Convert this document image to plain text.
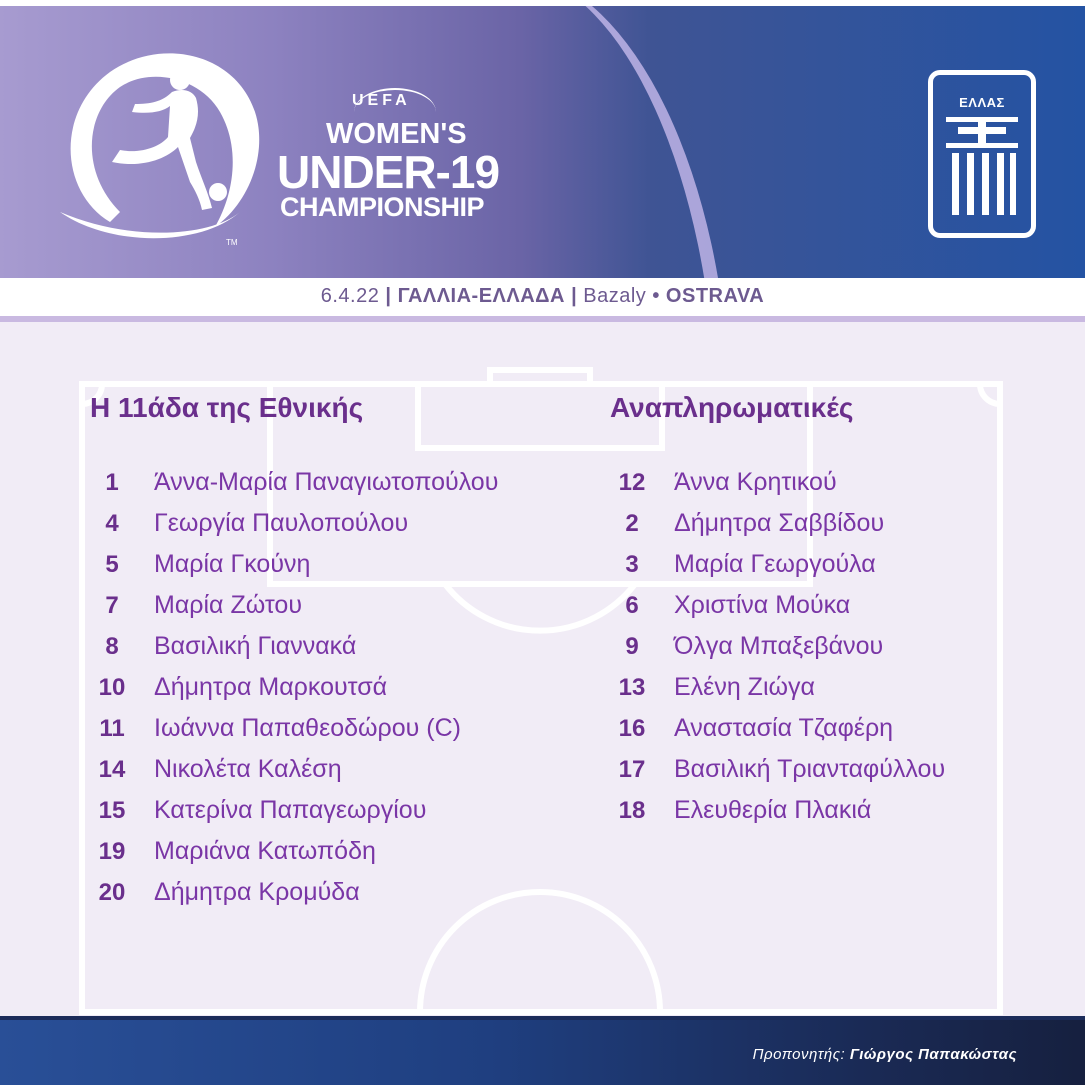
UEFA
WOMEN'S
UNDER-19
CHAMPIONSHIP
TM
ΕΛΛΑΣ
6.4.22 | ΓΑΛΛΙΑ-ΕΛΛΑΔΑ | Bazaly • OSTRAVA
Η 11άδα της Εθνικής
1	Άννα-Μαρία Παναγιωτοπούλου
4	Γεωργία Παυλοπούλου
5	Μαρία Γκούνη
7	Μαρία Ζώτου
8	Βασιλική Γιαννακά
10	Δήμητρα Μαρκουτσά
11	Ιωάννα Παπαθεοδώρου (C)
14	Νικολέτα Καλέση
15	Κατερίνα Παπαγεωργίου
19	Μαριάνα Κατωπόδη
20	Δήμητρα Κρομύδα
Αναπληρωματικές
12	Άννα Κρητικού
2	Δήμητρα Σαββίδου
3	Μαρία Γεωργούλα
6	Χριστίνα Μούκα
9	Όλγα Μπαξεβάνου
13	Ελένη Ζιώγα
16	Αναστασία Τζαφέρη
17	Βασιλική Τριανταφύλλου
18	Ελευθερία Πλακιά
Προπονητής: Γιώργος Παπακώστας
